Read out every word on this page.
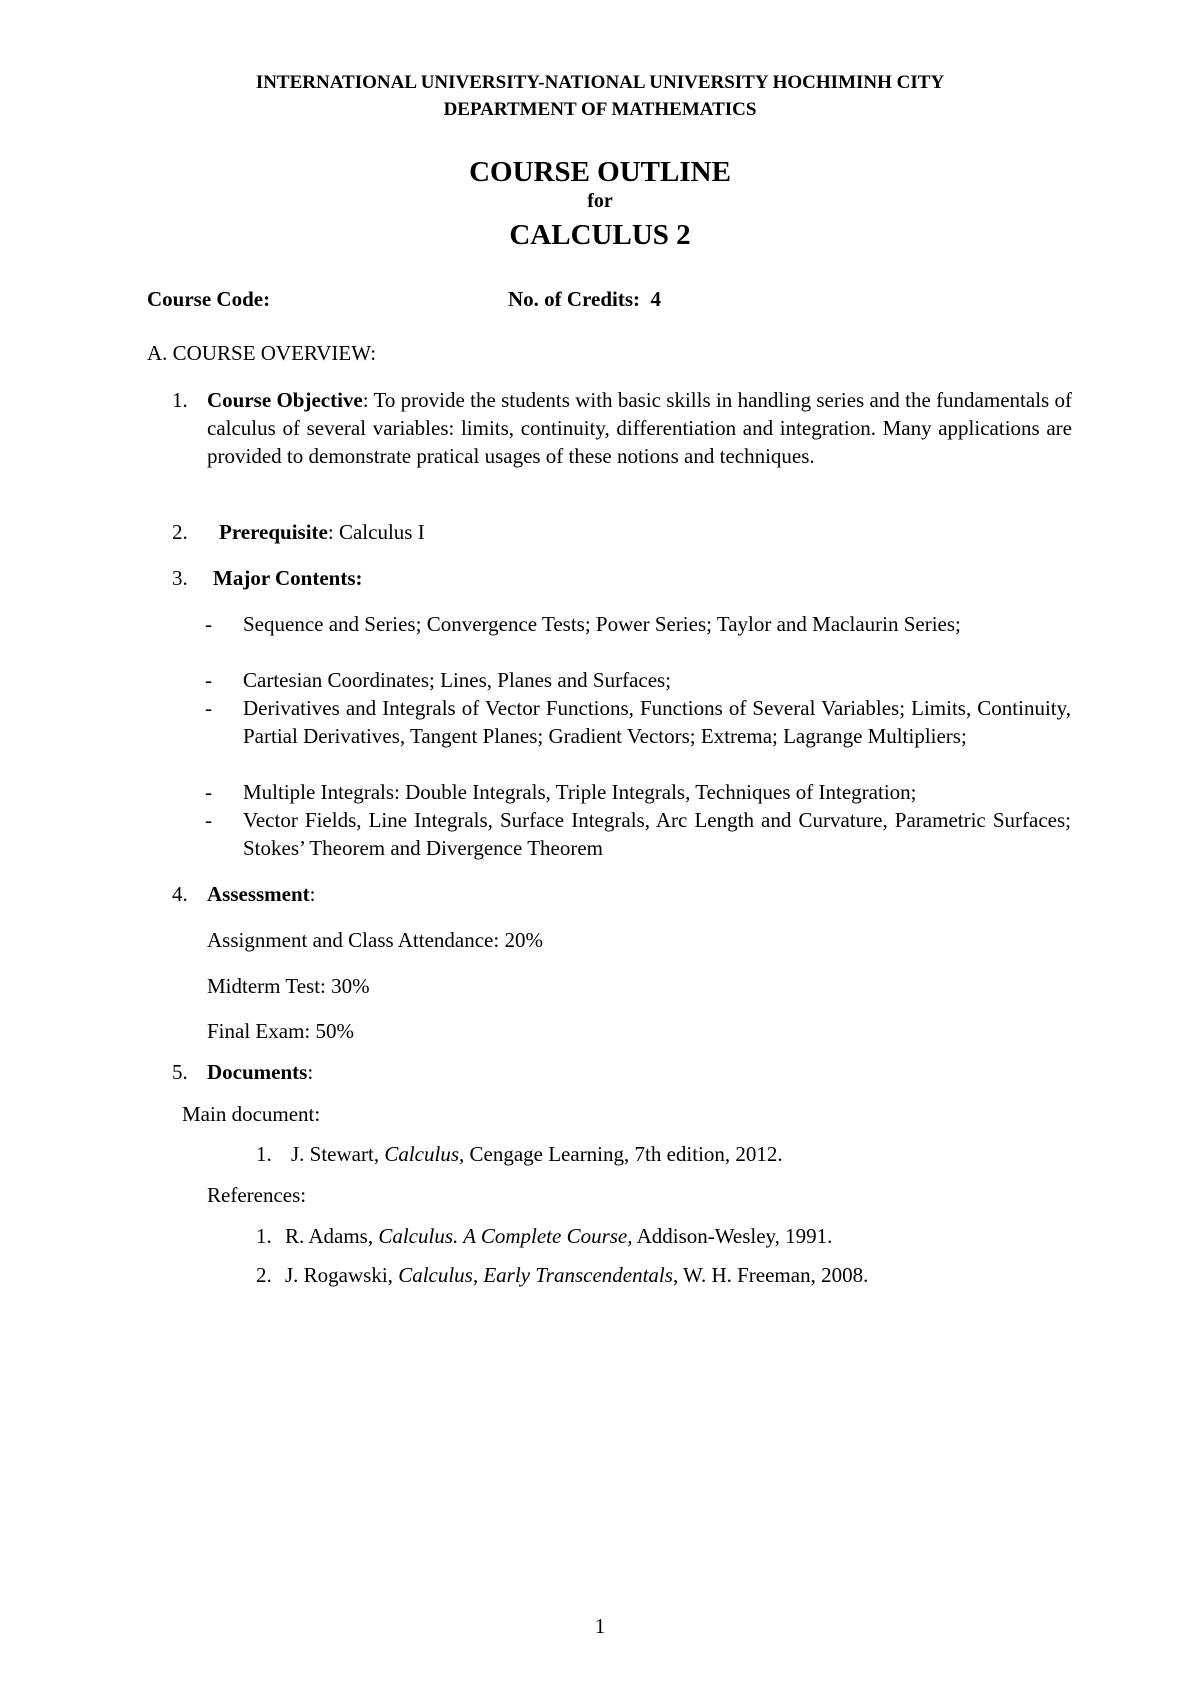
INTERNATIONAL UNIVERSITY-NATIONAL UNIVERSITY HOCHIMINH CITY
DEPARTMENT OF MATHEMATICS
COURSE OUTLINE
for
CALCULUS 2
Course Code:	No. of Credits: 4
A. COURSE OVERVIEW:
1. Course Objective: To provide the students with basic skills in handling series and the fundamentals of calculus of several variables: limits, continuity, differentiation and integration. Many applications are provided to demonstrate pratical usages of these notions and techniques.
2. Prerequisite: Calculus I
3. Major Contents:
- Sequence and Series; Convergence Tests; Power Series; Taylor and Maclaurin Series;
- Cartesian Coordinates; Lines, Planes and Surfaces;
- Derivatives and Integrals of Vector Functions, Functions of Several Variables; Limits, Continuity, Partial Derivatives, Tangent Planes; Gradient Vectors; Extrema; Lagrange Multipliers;
- Multiple Integrals: Double Integrals, Triple Integrals, Techniques of Integration;
- Vector Fields, Line Integrals, Surface Integrals, Arc Length and Curvature, Parametric Surfaces; Stokes’ Theorem and Divergence Theorem
4. Assessment:
Assignment and Class Attendance: 20%
Midterm Test: 30%
Final Exam: 50%
5. Documents:
Main document:
1. J. Stewart, Calculus, Cengage Learning, 7th edition, 2012.
References:
1. R. Adams, Calculus. A Complete Course, Addison-Wesley, 1991.
2. J. Rogawski, Calculus, Early Transcendentals, W. H. Freeman, 2008.
1
